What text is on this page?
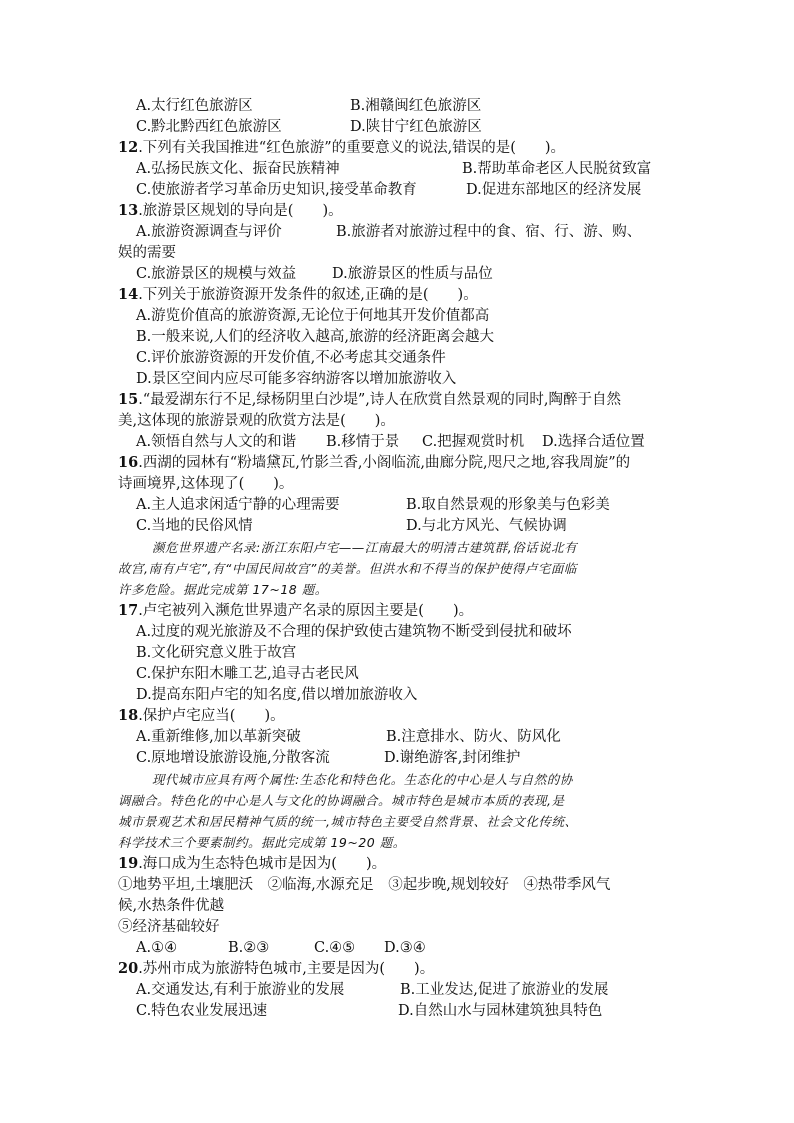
A.太行红色旅游区	B.湘赣闽红色旅游区
C.黔北黔西红色旅游区	D.陕甘宁红色旅游区
12.下列有关我国推进“红色旅游”的重要意义的说法,错误的是(　　)。
A.弘扬民族文化、振奋民族精神	B.帮助革命老区人民脱贫致富
C.使旅游者学习革命历史知识,接受革命教育	D.促进东部地区的经济发展
13.旅游景区规划的导向是(　　)。
A.旅游资源调查与评价	B.旅游者对旅游过程中的食、宿、行、游、购、
娱的需要
C.旅游景区的规模与效益 D.旅游景区的性质与品位
14.下列关于旅游资源开发条件的叙述,正确的是(　　)。
A.游览价值高的旅游资源,无论位于何地其开发价值都高
B.一般来说,人们的经济收入越高,旅游的经济距离会越大
C.评价旅游资源的开发价值,不必考虑其交通条件
D.景区空间内应尽可能多容纳游客以增加旅游收入
15.“最爱湖东行不足,绿杨阴里白沙堤”,诗人在欣赏自然景观的同时,陶醉于自然
美,这体现的旅游景观的欣赏方法是(　　)。
A.领悟自然与人文的和谐 B.移情于景 C.把握观赏时机 D.选择合适位置
16.西湖的园林有“粉墙黛瓦,竹影兰香,小阁临流,曲廊分院,咫尺之地,容我周旋”的
诗画境界,这体现了(　　)。
A.主人追求闲适宁静的心理需要	B.取自然景观的形象美与色彩美
C.当地的民俗风情	D.与北方风光、气候协调
濒危世界遗产名录:浙江东阳卢宅——江南最大的明清古建筑群,俗话说北有
故宫,南有卢宅”,有“中国民间故宫”的美誉。但洪水和不得当的保护使得卢宅面临
许多危险。据此完成第 17~18 题。
17.卢宅被列入濒危世界遗产名录的原因主要是(　　)。
A.过度的观光旅游及不合理的保护致使古建筑物不断受到侵扰和破坏
B.文化研究意义胜于故宫
C.保护东阳木雕工艺,追寻古老民风
D.提高东阳卢宅的知名度,借以增加旅游收入
18.保护卢宅应当(　　)。
A.重新维修,加以革新突破	B.注意排水、防火、防风化
C.原地增设旅游设施,分散客流	D.谢绝游客,封闭维护
现代城市应具有两个属性:生态化和特色化。生态化的中心是人与自然的协
调融合。特色化的中心是人与文化的协调融合。城市特色是城市本质的表现,是
城市景观艺术和居民精神气质的统一,城市特色主要受自然背景、社会文化传统、
科学技术三个要素制约。据此完成第 19~20 题。
19.海口成为生态特色城市是因为(　　)。
①地势平坦,土壤肥沃　②临海,水源充足　③起步晚,规划较好　④热带季风气
候,水热条件优越
⑤经济基础较好
A.①④	B.②③	C.④⑤ D.③④
20.苏州市成为旅游特色城市,主要是因为(　　)。
A.交通发达,有利于旅游业的发展	B.工业发达,促进了旅游业的发展
C.特色农业发展迅速	D.自然山水与园林建筑独具特色
